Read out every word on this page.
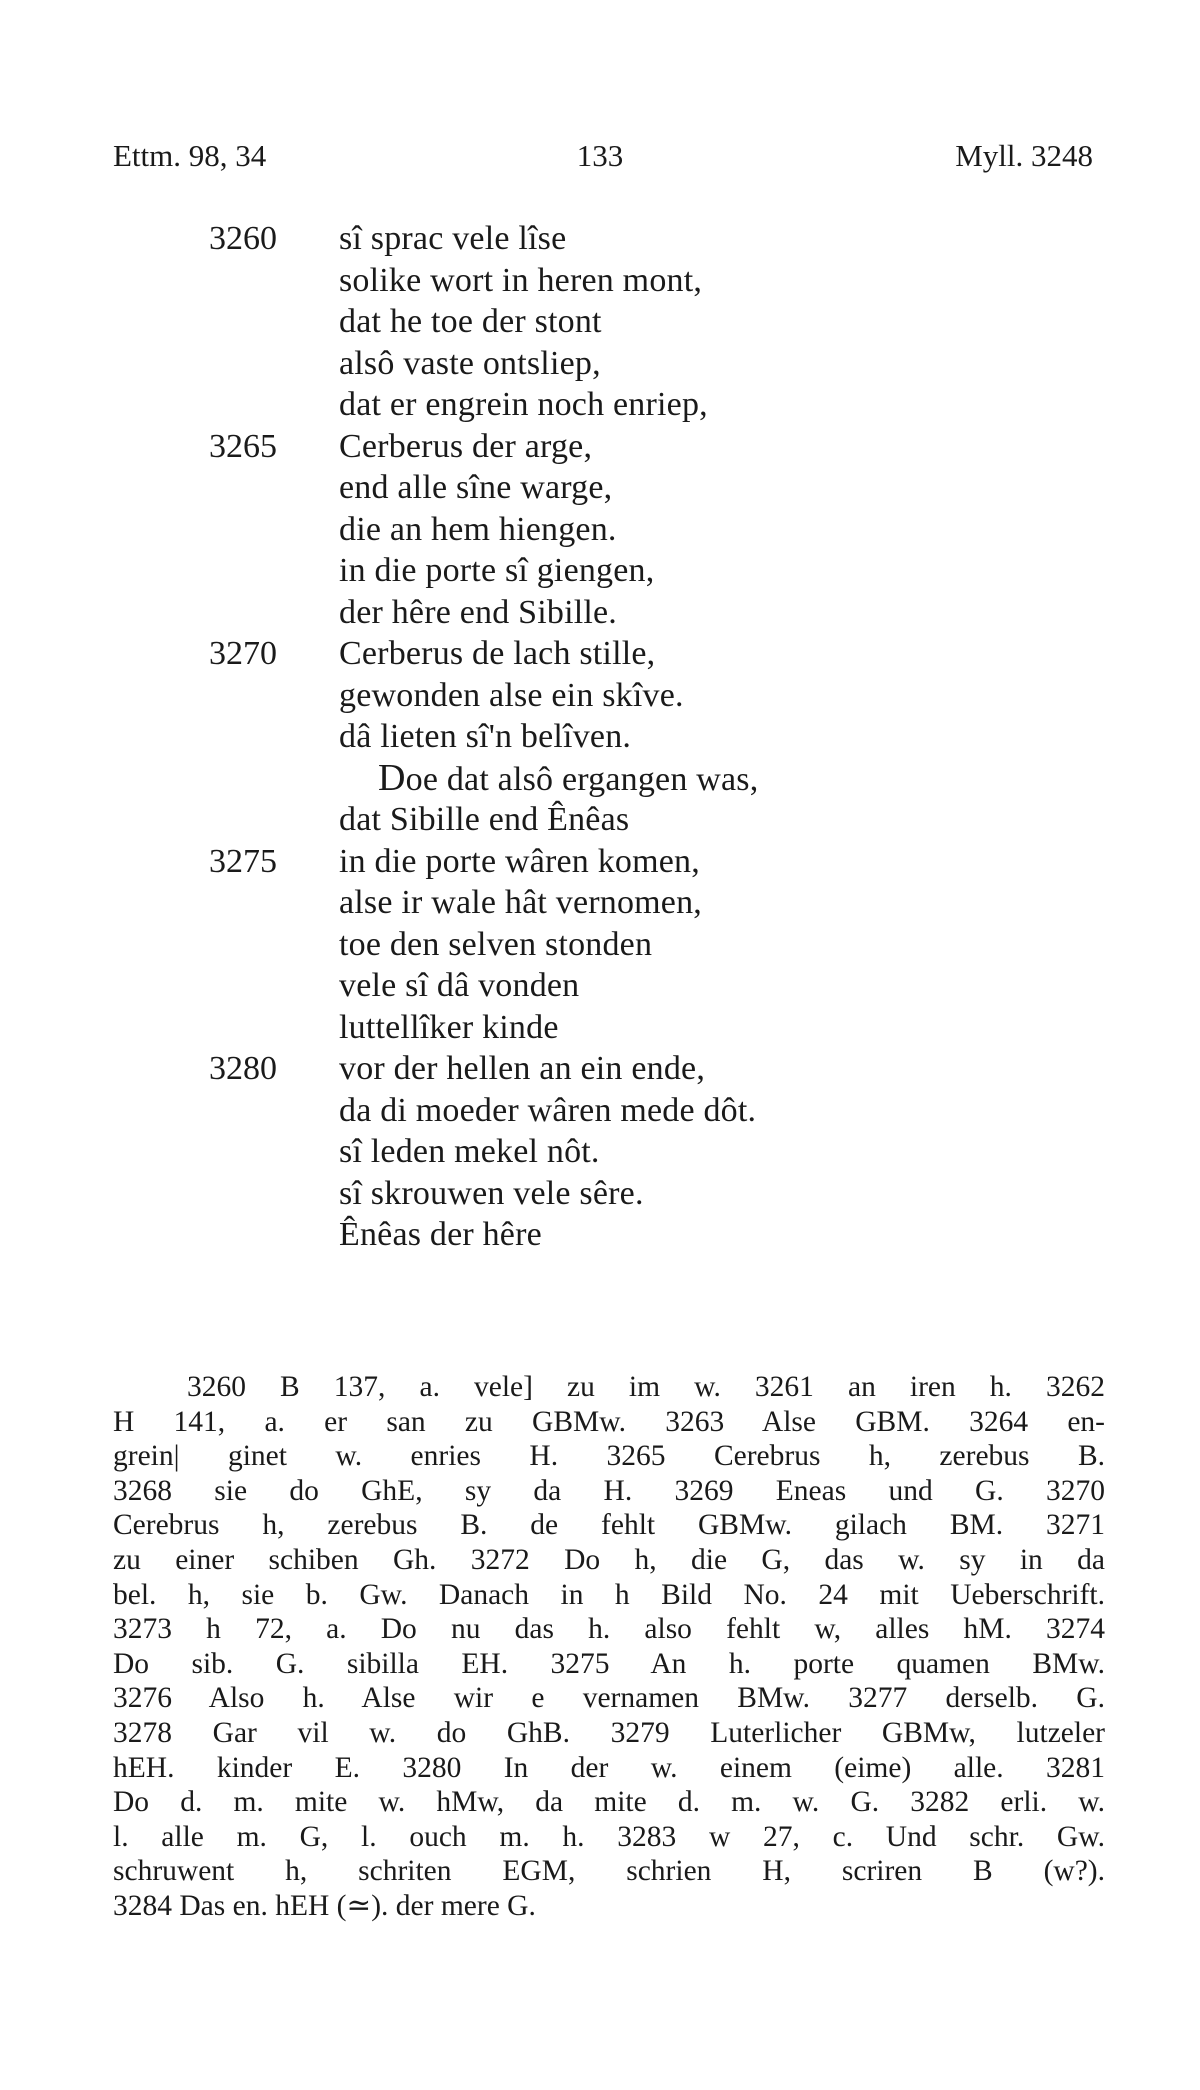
Ettm. 98, 34	133	Myll. 3248
3260	sî sprac vele lîse
solike wort in heren mont,
dat he toe der stont
alsô vaste ontsliep,
dat er engrein noch enriep,
3265	Cerberus der arge,
end alle sîne warge,
die an hem hiengen.
in die porte sî giengen,
der hêre end Sibille.
3270	Cerberus de lach stille,
gewonden alse ein skîve.
dâ lieten sî'n belîven.
Doe dat alsô ergangen was,
dat Sibille end Ênêas
3275	in die porte wâren komen,
alse ir wale hât vernomen,
toe den selven stonden
vele sî dâ vonden
luttellîker kinde
3280	vor der hellen an ein ende,
da di moeder wâren mede dôt.
sî leden mekel nôt.
sî skrouwen vele sêre.
Ênêas der hêre
3260 B 137, a. vele] zu im w. 3261 an iren h. 3262
H 141, a. er san zu GBMw. 3263 Alse GBM. 3264 en-
grein| ginet w. enries H. 3265 Cerebrus h, zerebus B.
3268 sie do GhE, sy da H. 3269 Eneas und G. 3270
Cerebrus h, zerebus B. de fehlt GBMw. gilach BM. 3271
zu einer schiben Gh. 3272 Do h, die G, das w. sy in da
bel. h, sie b. Gw. Danach in h Bild No. 24 mit Ueberschrift.
3273 h 72, a. Do nu das h. also fehlt w, alles hM. 3274
Do sib. G. sibilla EH. 3275 An h. porte quamen BMw.
3276 Also h. Alse wir e vernamen BMw. 3277 derselb. G.
3278 Gar vil w. do GhB. 3279 Luterlicher GBMw, lutzeler
hEH. kinder E. 3280 In der w. einem (eime) alle. 3281
Do d. m. mite w. hMw, da mite d. m. w. G. 3282 erli. w.
l. alle m. G, l. ouch m. h. 3283 w 27, c. Und schr. Gw.
schruwent h, schriten EGM, schrien H, scriren B (w?).
3284 Das en. hEH (≃). der mere G.
